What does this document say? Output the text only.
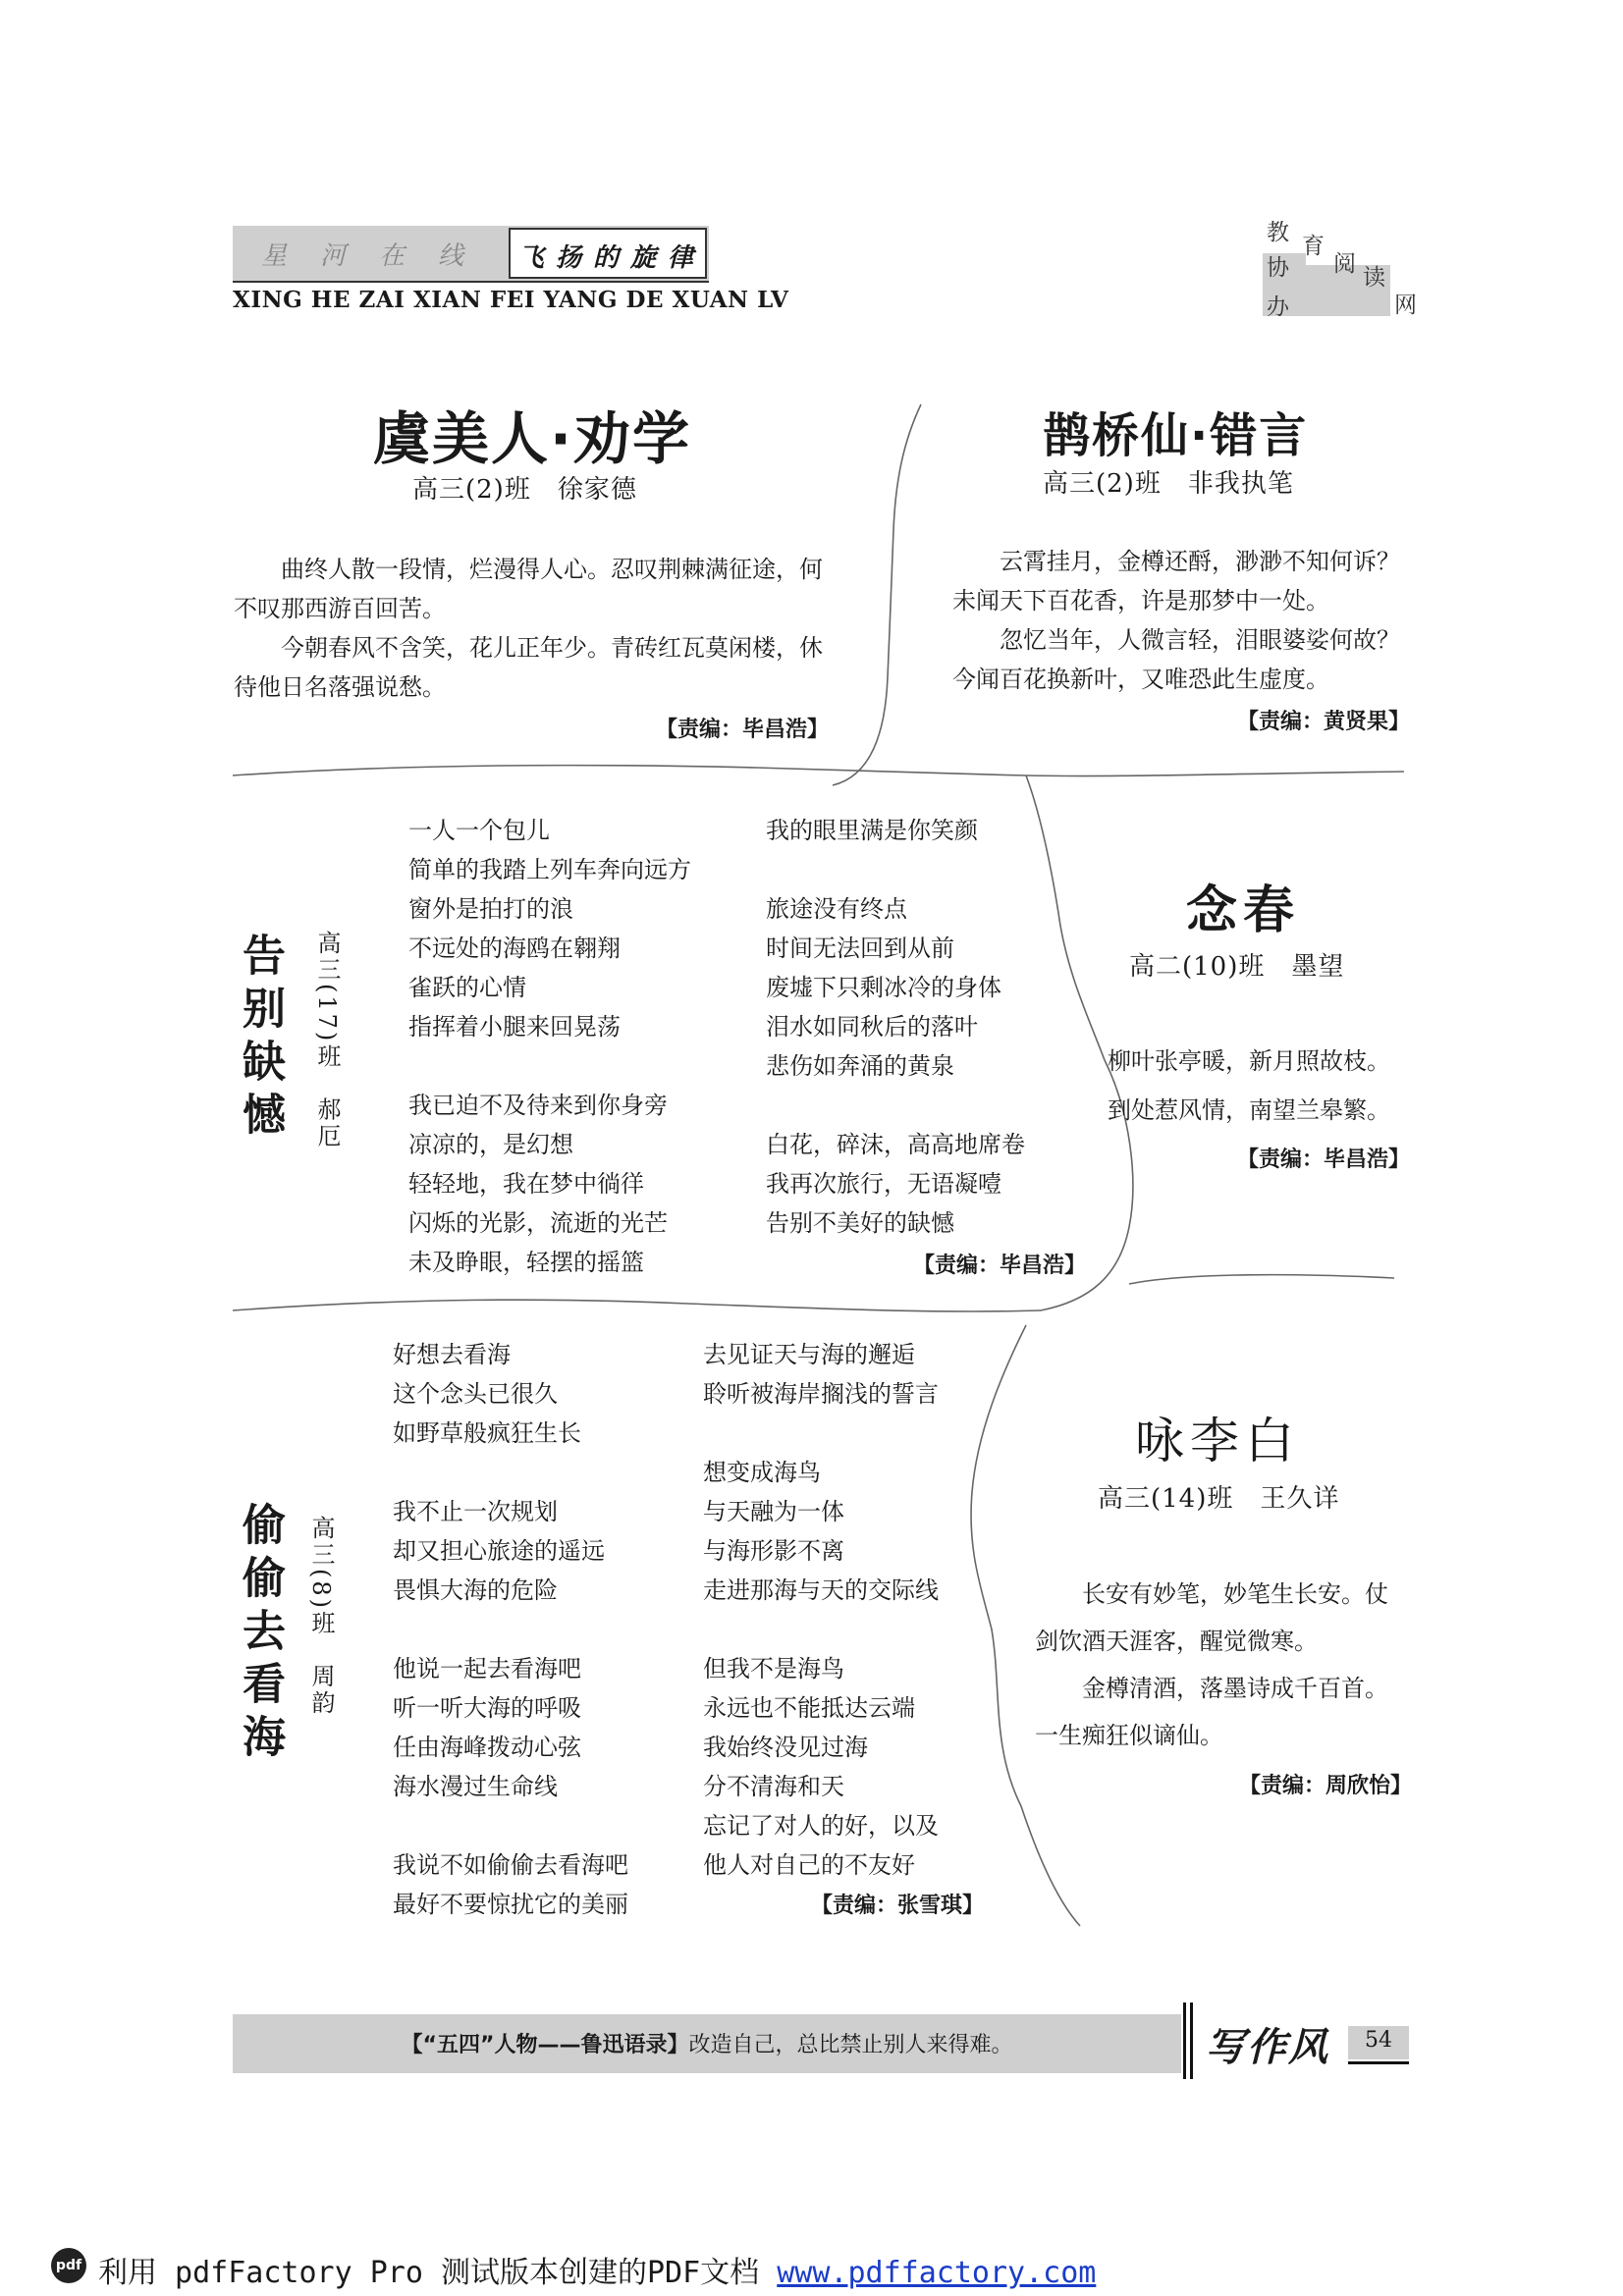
星河在线 飞扬的旋律
XING HE ZAI XIAN FEI YANG DE XUAN LV
教
育
阅
读
协
办	网
虞美人·劝学
高三(2)班　徐家德

曲终人散一段情，烂漫得人心。忍叹荆棘满征途，何不叹那西游百回苦。

今朝春风不含笑，花儿正年少。青砖红瓦莫闲楼，休待他日名落强说愁。

【责编：毕昌浩】
鹊桥仙·错言
高三(2)班　非我执笔

云霄挂月，金樽还酹，渺渺不知何诉？未闻天下百花香，许是那梦中一处。

忽忆当年，人微言轻，泪眼婆娑何故？今闻百花换新叶，又唯恐此生虚度。

【责编：黄贤果】
告别缺憾 高三(17)班　郝厄
一人一个包儿
简单的我踏上列车奔向远方
窗外是拍打的浪
不远处的海鸥在翱翔
雀跃的心情
指挥着小腿来回晃荡

我已迫不及待来到你身旁
凉凉的，是幻想
轻轻地，我在梦中徜徉
闪烁的光影，流逝的光芒
未及睁眼，轻摆的摇篮
我的眼里满是你笑颜

旅途没有终点
时间无法回到从前
废墟下只剩冰冷的身体
泪水如同秋后的落叶
悲伤如奔涌的黄泉

白花，碎沫，高高地席卷
我再次旅行，无语凝噎
告别不美好的缺憾
【责编：毕昌浩】
念春
高二(10)班　墨望
柳叶张亭暖，新月照故枝。
到处惹风情，南望兰皋繁。
【责编：毕昌浩】
偷偷去看海 高三(8)班　周韵
好想去看海
这个念头已很久
如野草般疯狂生长

我不止一次规划
却又担心旅途的遥远
畏惧大海的危险

他说一起去看海吧
听一听大海的呼吸
任由海峰拨动心弦
海水漫过生命线

我说不如偷偷去看海吧
最好不要惊扰它的美丽
去见证天与海的邂逅
聆听被海岸搁浅的誓言

想变成海鸟
与天融为一体
与海形影不离
走进那海与天的交际线

但我不是海鸟
永远也不能抵达云端
我始终没见过海
分不清海和天
忘记了对人的好，以及
他人对自己的不友好
【责编：张雪琪】
咏李白
高三(14)班　王久详

长安有妙笔，妙笔生长安。仗剑饮酒天涯客，醒觉微寒。

金樽清酒，落墨诗成千百首。一生痴狂似谪仙。

【责编：周欣怡】
【“五四”人物——鲁迅语录】改造自己，总比禁止别人来得难。	写作风	54
pdf 利用 pdfFactory Pro 测试版本创建的PDF文档 www.pdffactory.com
